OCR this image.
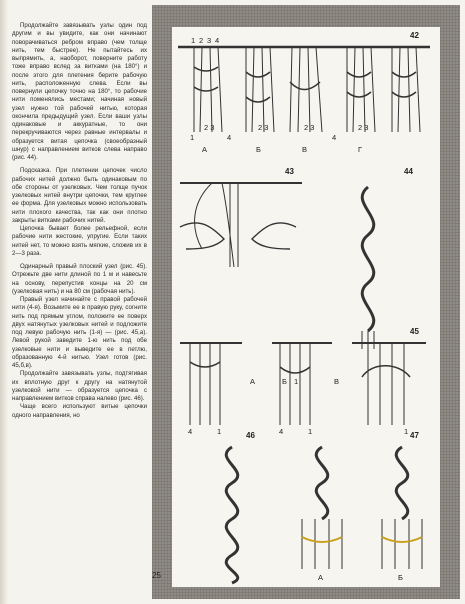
Продолжайте завязывать узлы один под другим и вы увидите, как они начинают поворачиваться ребром вправо (чем толще нить, тем быстрее). Не пытайтесь их выпрямить, а, наоборот, поверните работу тоже вправо вслед за витками (на 180°) и после этого для плетения берите рабочую нить, расположенную слева. Если вы повернули цепочку точно на 180°, то рабочие нити поменялись местами; начиная новый узел нужно той рабочей нитью, которая окончила предыдущий узел. Если ваши узлы одинаковые и аккуратные, то они перекручиваются через равные интервалы и образуется витая цепочка (своеобразный шнур) с направлением витков слева направо (рис. 44).

Подсказка. При плетении цепочек число рабочих нитей должно быть одинаковым по обе стороны от узелковых. Чем толще пучок узелковых нитей внутри цепочки, тем круглее ее форма. Для узелковых можно использовать нити плохого качества, так как они плотно закрыты витками рабочих нитей.

Цепочка бывает более рельефной, если рабочие нити жестокие, упругие. Если таких нитей нет, то можно взять мягкие, сложив их в 2—3 раза.

Одинарный правый плоский узел (рис. 45). Отрежьте две нити длиной по 1 м и навесьте на основу, перепустив концы на 20 см (узелковая нить) и на 80 см (рабочая нить).

Правый узел начинайте с правой рабочей нити (4-я). Возьмите ее в правую руку, согните нить под прямым углом, положите ее поверх двух натянутых узелковых нитей и подложите под левую рабочую нить (1-я) — (рис. 45,а). Левой рукой заведите 1-ю нить под обе узелковые нити и выведите ее в петлю, образованную 4-й нитью. Узел готов (рис. 45,б,в).

Продолжайте завязывать узлы, подтягивая их вплотную друг к другу на натянутой узелковой нити — образуется цепочка с направлением витков справа налево (рис. 46).

Чаще всего используют витые цепочки одного направления, но

42
43	44
45
46	47
1 2 3 4
1
2 3
4
2 3	2 3
4
2 3
А	Б	В	Г
4	1	4	1	1
А	В
Б 1
А	Б
25
